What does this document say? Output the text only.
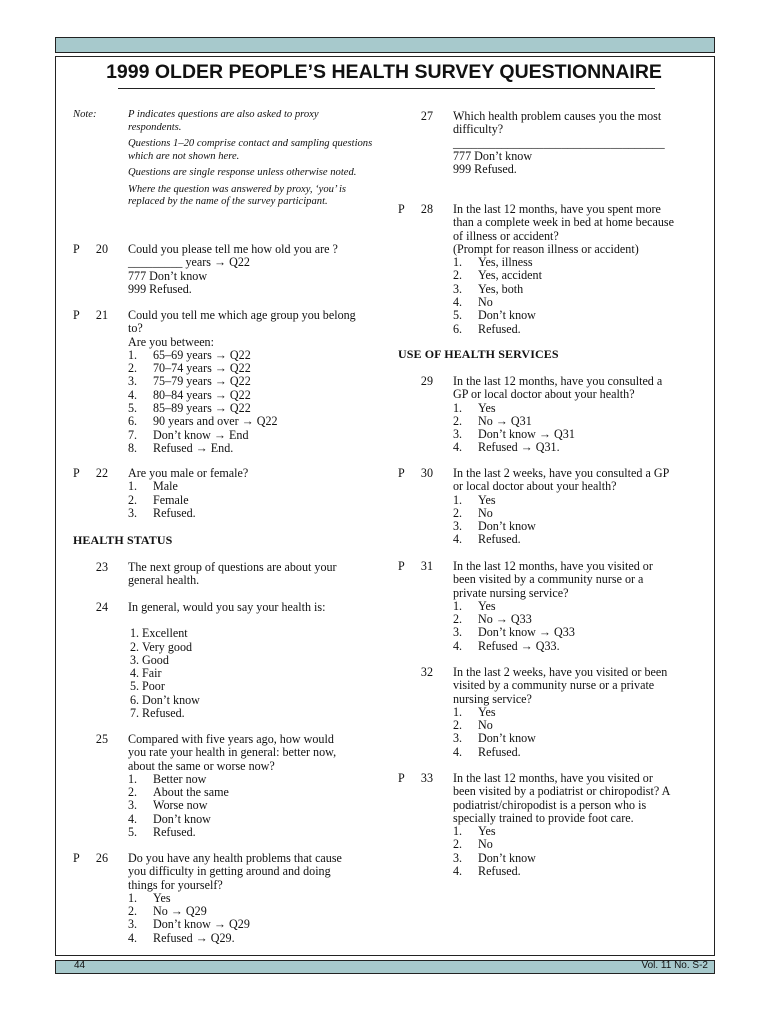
1999 OLDER PEOPLE’S HEALTH SURVEY QUESTIONNAIRE
Note:	P indicates questions are also asked to proxy respondents.

Questions 1–20 comprise contact and sampling questions which are not shown here.

Questions are single response unless otherwise noted.

Where the question was answered by proxy, ‘you’ is replaced by the name of the survey participant.

P	20 Could you please tell me how old you are ?
_________ years → Q22
777 Don’t know
999 Refused.
P	21 Could you tell me which age group you belong
to?
Are you between:
1. 65–69 years → Q22
2. 70–74 years → Q22
3. 75–79 years → Q22
4. 80–84 years → Q22
5. 85–89 years → Q22
6. 90 years and over → Q22
7. Don’t know → End
8. Refused → End.
P	22 Are you male or female?
1. Male
2. Female
3. Refused.
HEALTH STATUS
23 The next group of questions are about your
general health.
24 In general, would you say your health is:
1. Excellent
2. Very good
3. Good
4. Fair
5. Poor
6. Don’t know
7. Refused.
25 Compared with five years ago, how would
you rate your health in general: better now,
about the same or worse now?
1. Better now
2. About the same
3. Worse now
4. Don’t know
5. Refused.
P	26 Do you have any health problems that cause
you difficulty in getting around and doing
things for yourself?
1. Yes
2. No → Q29
3. Don’t know → Q29
4. Refused → Q29.
27 Which health problem causes you the most
difficulty?
___________________________________
777 Don’t know
999 Refused.
P	28 In the last 12 months, have you spent more
than a complete week in bed at home because
of illness or accident?
(Prompt for reason illness or accident)
1. Yes, illness
2. Yes, accident
3. Yes, both
4. No
5. Don’t know
6. Refused.
USE OF HEALTH SERVICES
29 In the last 12 months, have you consulted a
GP or local doctor about your health?
1. Yes
2. No → Q31
3. Don’t know → Q31
4. Refused → Q31.
P	30 In the last 2 weeks, have you consulted a GP
or local doctor about your health?
1. Yes
2. No
3. Don’t know
4. Refused.
P	31 In the last 12 months, have you visited or
been visited by a community nurse or a
private nursing service?
1. Yes
2. No → Q33
3. Don’t know → Q33
4. Refused → Q33.
32 In the last 2 weeks, have you visited or been
visited by a community nurse or a private
nursing service?
1. Yes
2. No
3. Don’t know
4. Refused.
P	33 In the last 12 months, have you visited or
been visited by a podiatrist or chiropodist? A
podiatrist/chiropodist is a person who is
specially trained to provide foot care.
1. Yes
2. No
3. Don’t know
4. Refused.
44	Vol. 11 No. S-2
